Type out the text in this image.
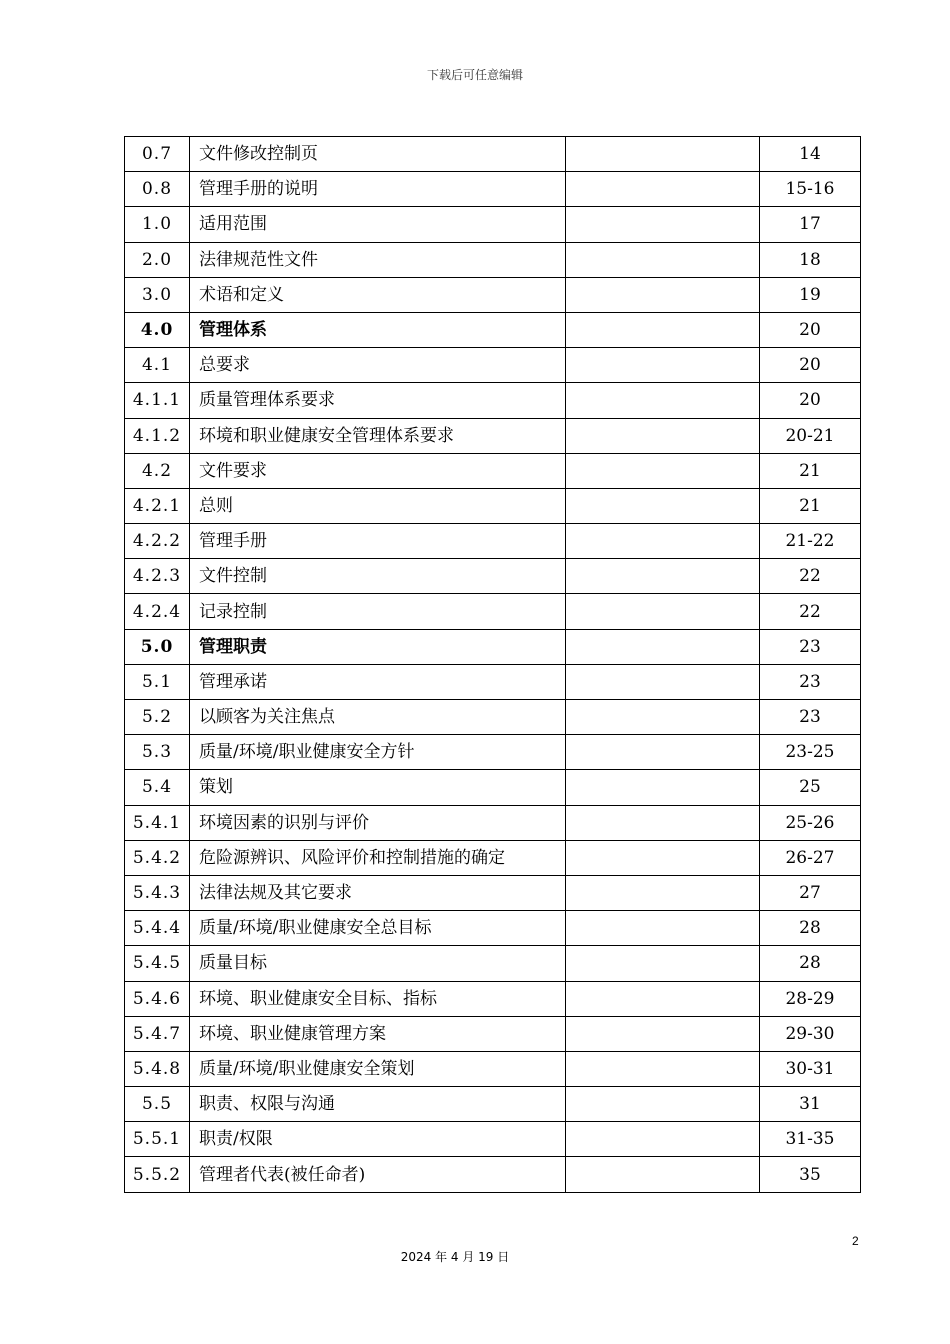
下载后可任意编辑
0.7	文件修改控制页		14
0.8	管理手册的说明		15-16
1.0	适用范围		17
2.0	法律规范性文件		18
3.0	术语和定义		19
4.0	管理体系		20
4.1	总要求		20
4.1.1	质量管理体系要求		20
4.1.2	环境和职业健康安全管理体系要求		20-21
4.2	文件要求		21
4.2.1	总则		21
4.2.2	管理手册		21-22
4.2.3	文件控制		22
4.2.4	记录控制		22
5.0	管理职责		23
5.1	管理承诺		23
5.2	以顾客为关注焦点		23
5.3	质量/环境/职业健康安全方针		23-25
5.4	策划		25
5.4.1	环境因素的识别与评价		25-26
5.4.2	危险源辨识、风险评价和控制措施的确定		26-27
5.4.3	法律法规及其它要求		27
5.4.4	质量/环境/职业健康安全总目标		28
5.4.5	质量目标		28
5.4.6	环境、职业健康安全目标、指标		28-29
5.4.7	环境、职业健康管理方案		29-30
5.4.8	质量/环境/职业健康安全策划		30-31
5.5	职责、权限与沟通		31
5.5.1	职责/权限		31-35
5.5.2	管理者代表(被任命者)		35
2
2024 年 4 月 19 日
